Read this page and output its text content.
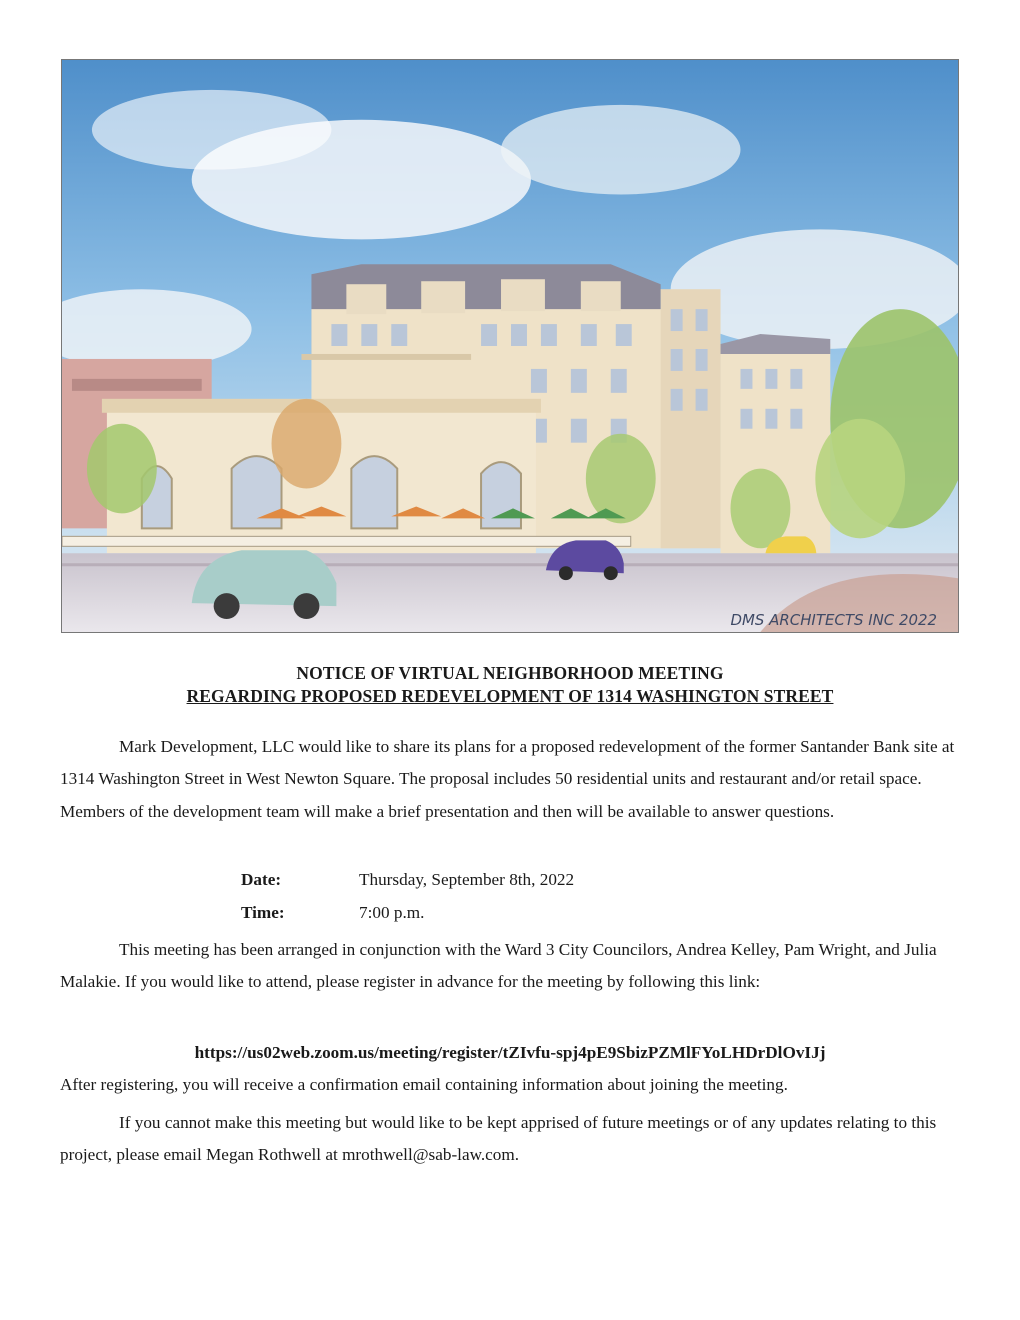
DMS ARCHITECTS INC 2022
NOTICE OF VIRTUAL NEIGHBORHOOD MEETING
REGARDING PROPOSED REDEVELOPMENT OF 1314 WASHINGTON STREET
Mark Development, LLC would like to share its plans for a proposed redevelopment of the former Santander Bank site at 1314 Washington Street in West Newton Square. The proposal includes 50 residential units and restaurant and/or retail space. Members of the development team will make a brief presentation and then will be available to answer questions.
Date:	Thursday, September 8th, 2022
Time:	7:00 p.m.
This meeting has been arranged in conjunction with the Ward 3 City Councilors, Andrea Kelley, Pam Wright, and Julia Malakie. If you would like to attend, please register in advance for the meeting by following this link:
https://us02web.zoom.us/meeting/register/tZIvfu-spj4pE9SbizPZMlFYoLHDrDlOvIJj
After registering, you will receive a confirmation email containing information about joining the meeting.
If you cannot make this meeting but would like to be kept apprised of future meetings or of any updates relating to this project, please email Megan Rothwell at mrothwell@sab-law.com.
